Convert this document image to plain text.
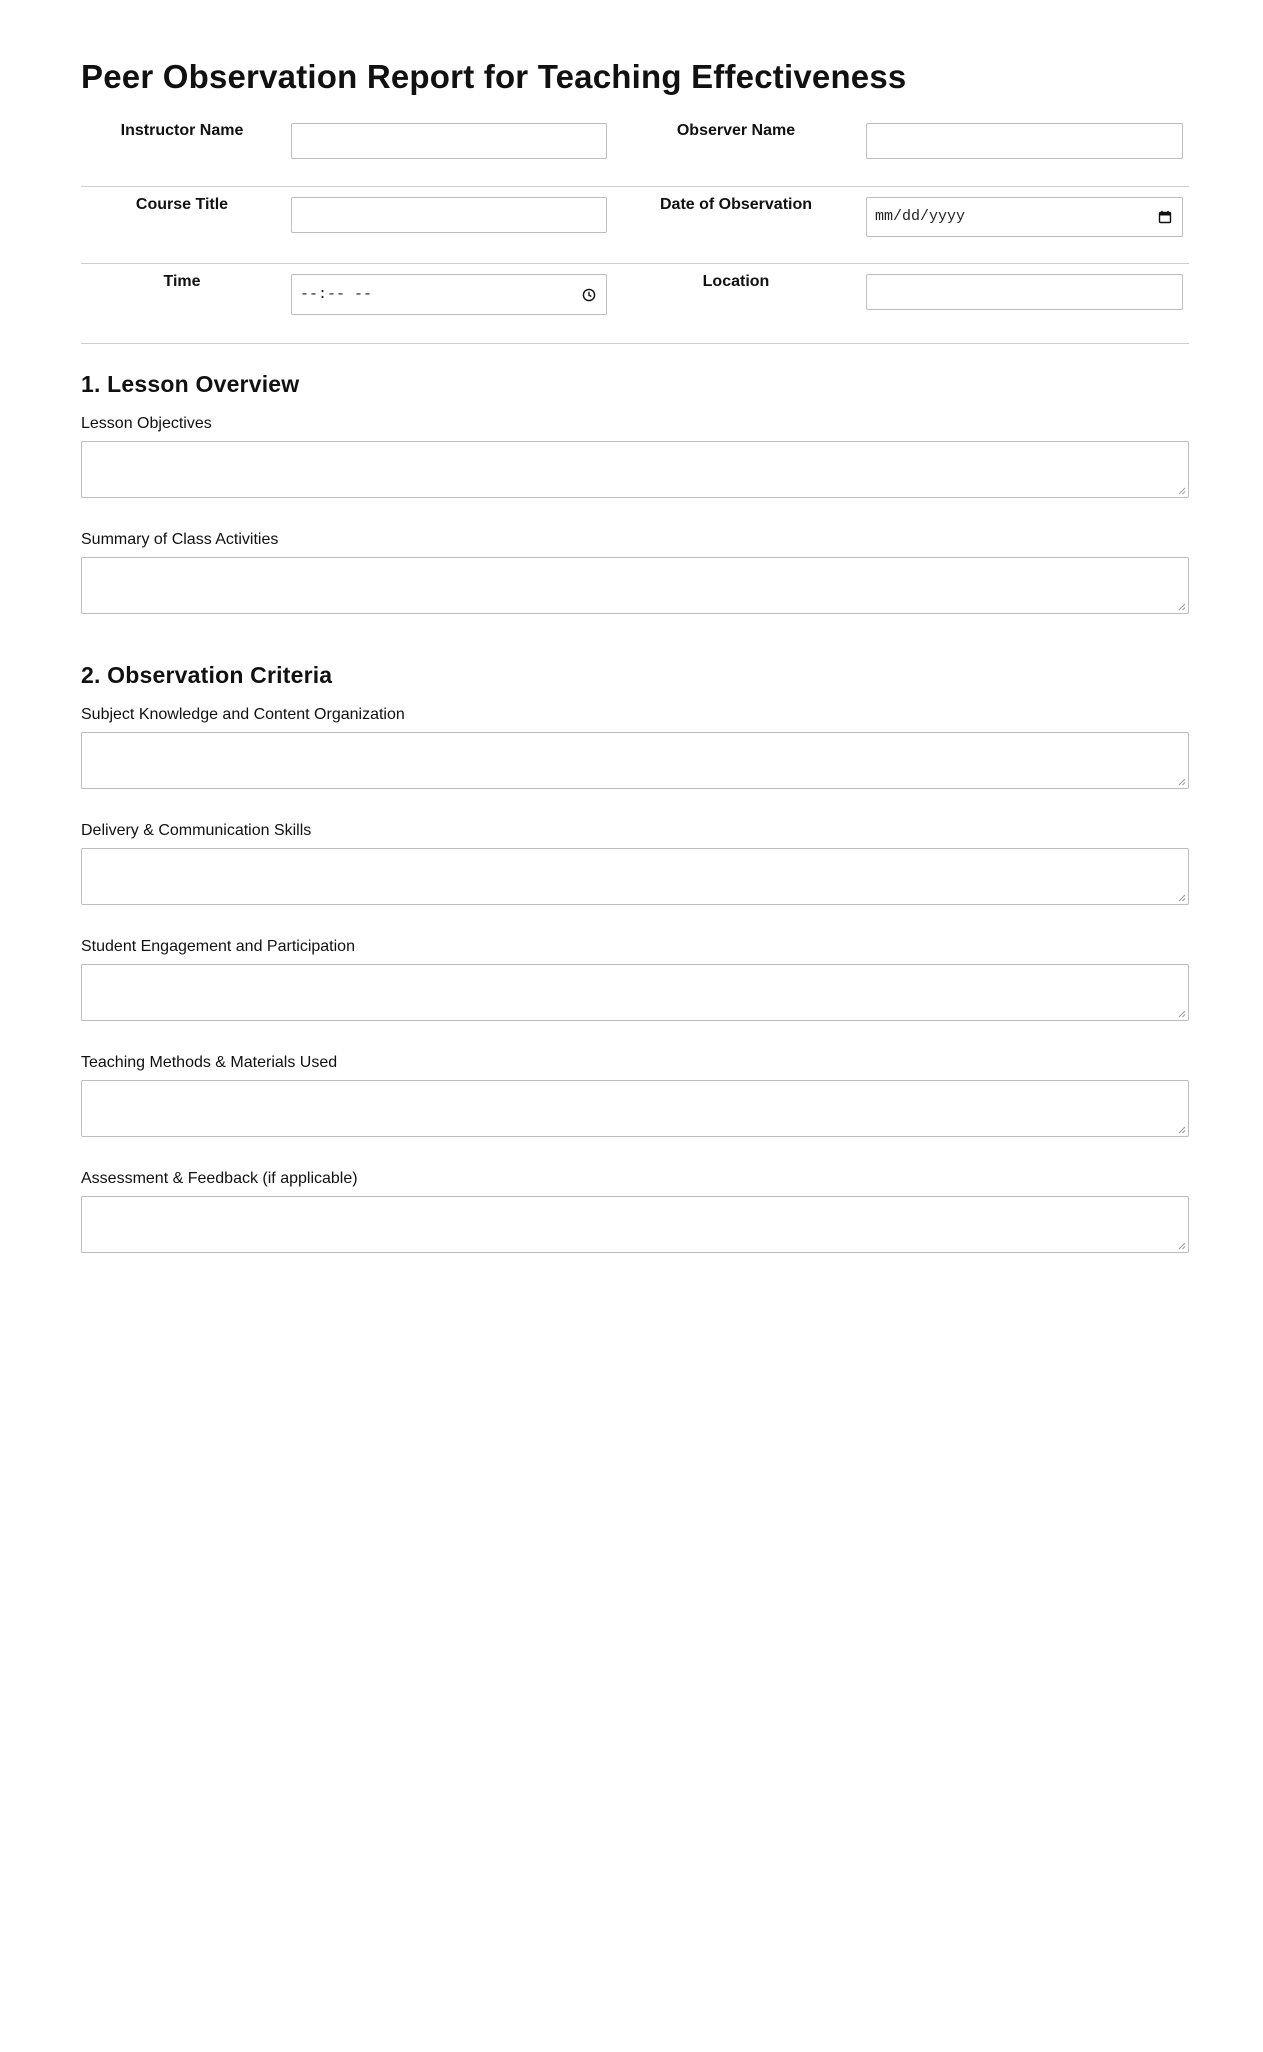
Peer Observation Report for Teaching Effectiveness
Instructor Name	Observer Name
Course Title	Date of Observation
mm/dd/yyyy
Time
--:-- --
Location
1. Lesson Overview
Lesson Objectives
Summary of Class Activities
2. Observation Criteria
Subject Knowledge and Content Organization
Delivery & Communication Skills
Student Engagement and Participation
Teaching Methods & Materials Used
Assessment & Feedback (if applicable)
